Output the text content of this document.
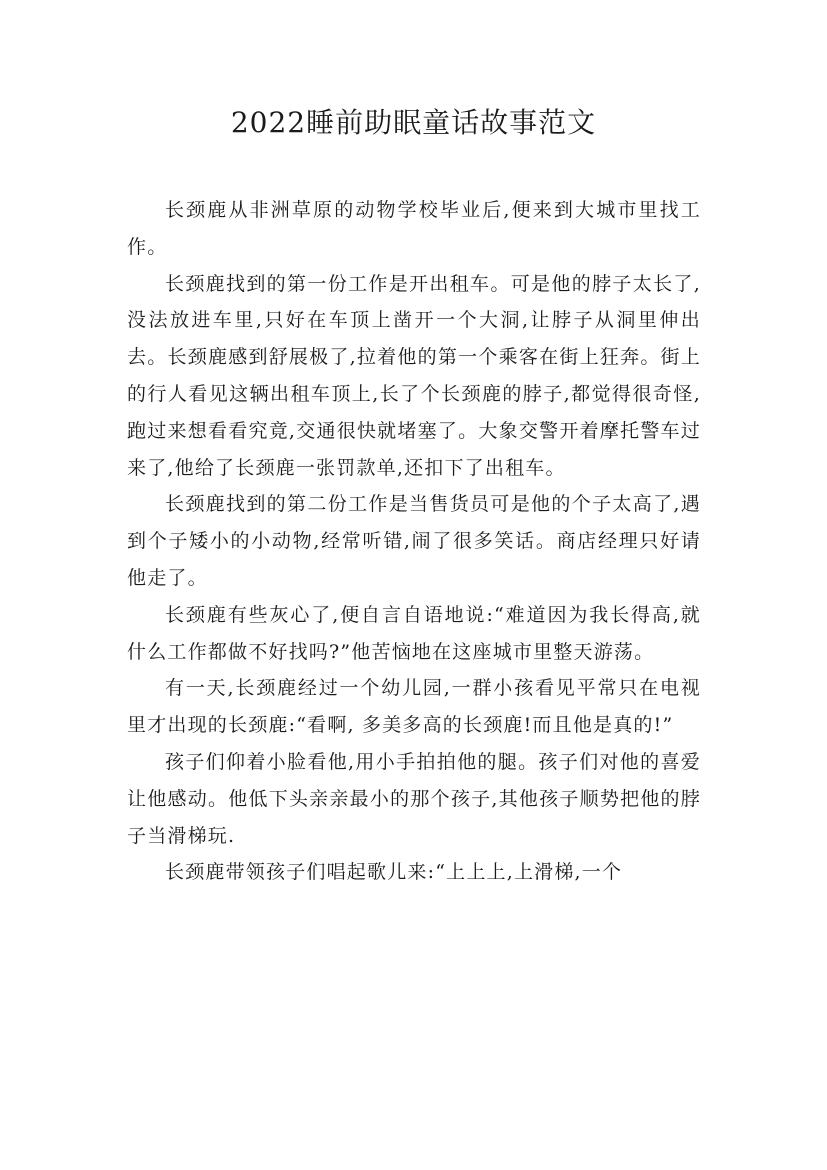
2022睡前助眠童话故事范文

长颈鹿从非洲草原的动物学校毕业后,便来到大城市里找工作。

长颈鹿找到的第一份工作是开出租车。可是他的脖子太长了,没法放进车里,只好在车顶上凿开一个大洞,让脖子从洞里伸出去。长颈鹿感到舒展极了,拉着他的第一个乘客在街上狂奔。街上的行人看见这辆出租车顶上,长了个长颈鹿的脖子,都觉得很奇怪,跑过来想看看究竟,交通很快就堵塞了。大象交警开着摩托警车过来了,他给了长颈鹿一张罚款单,还扣下了出租车。

长颈鹿找到的第二份工作是当售货员可是他的个子太高了,遇到个子矮小的小动物,经常听错,闹了很多笑话。商店经理只好请他走了。

长颈鹿有些灰心了,便自言自语地说:“难道因为我长得高,就什么工作都做不好找吗?”他苦恼地在这座城市里整天游荡。

有一天,长颈鹿经过一个幼儿园,一群小孩看见平常只在电视里才出现的长颈鹿:“看啊, 多美多高的长颈鹿!而且他是真的!”

孩子们仰着小脸看他,用小手拍拍他的腿。孩子们对他的喜爱让他感动。他低下头亲亲最小的那个孩子,其他孩子顺势把他的脖子当滑梯玩.

长颈鹿带领孩子们唱起歌儿来:“上上上,上滑梯,一个
